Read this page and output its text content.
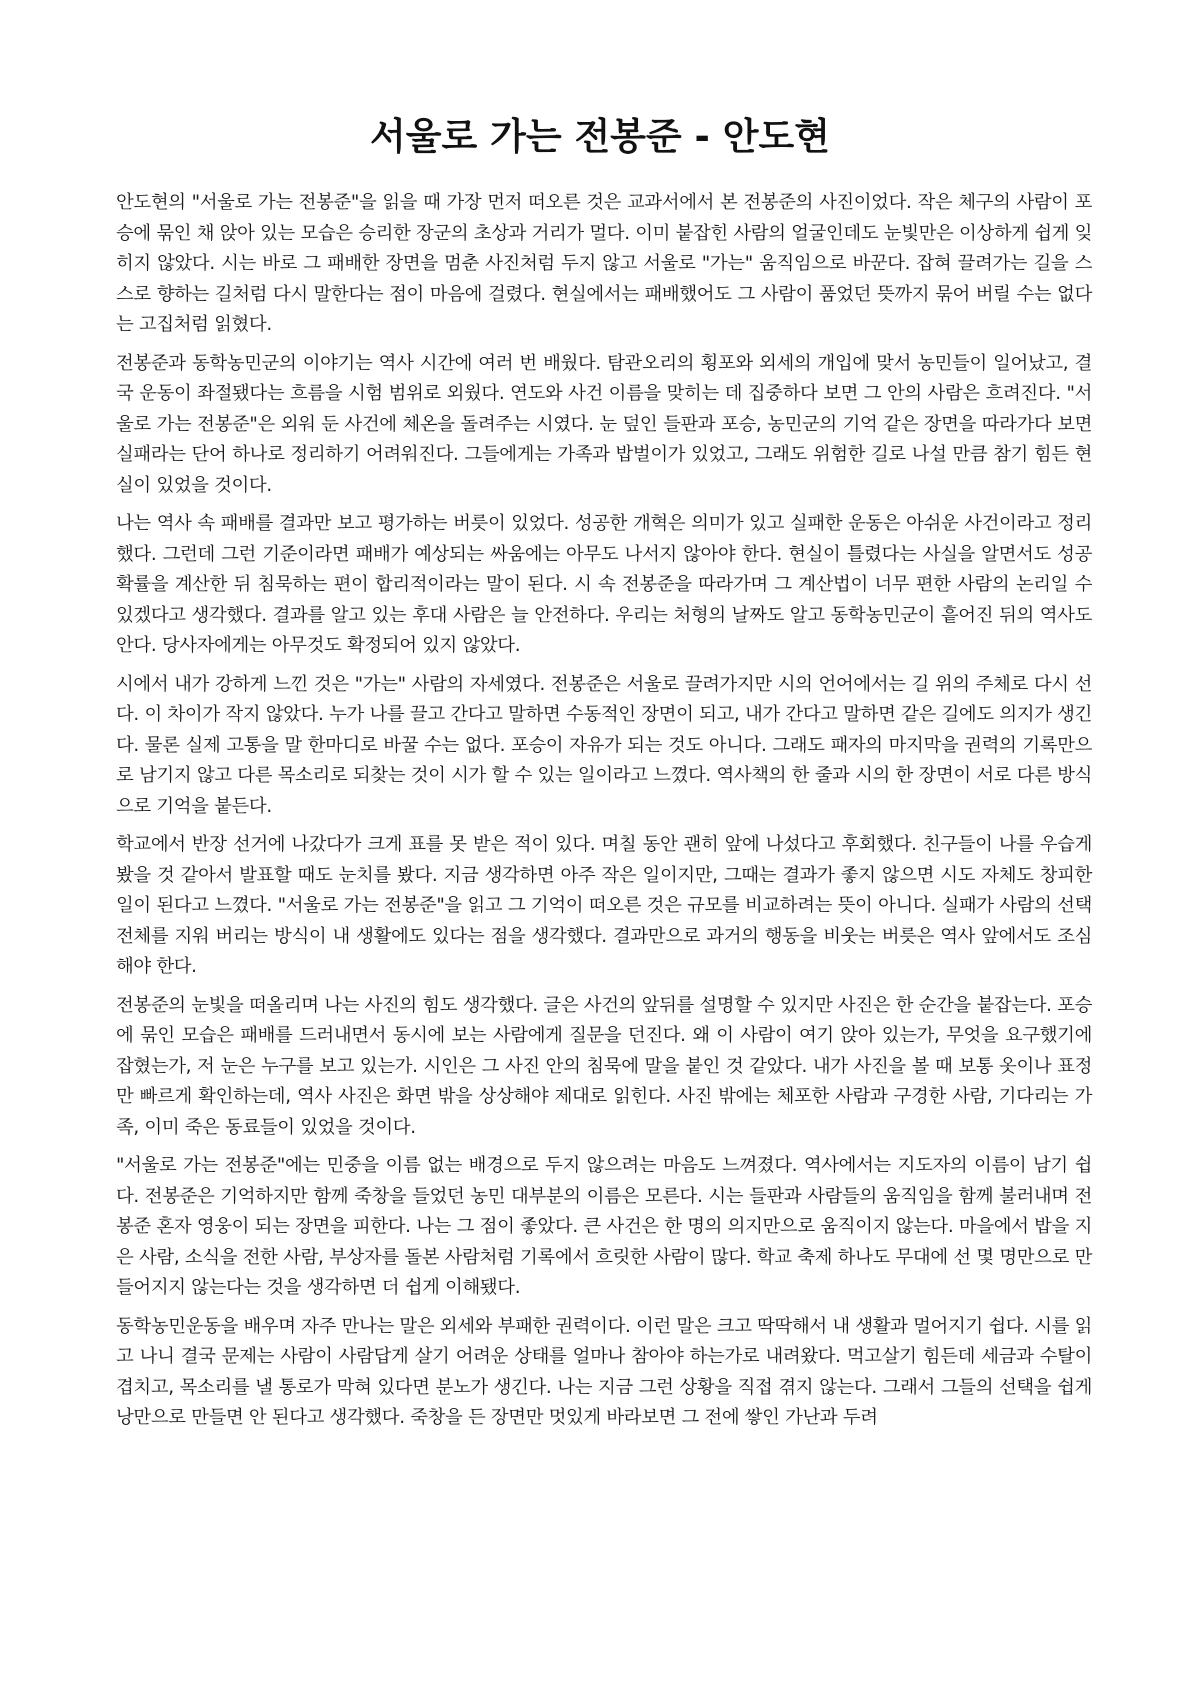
서울로 가는 전봉준 - 안도현

안도현의 "서울로 가는 전봉준"을 읽을 때 가장 먼저 떠오른 것은 교과서에서 본 전봉준의 사진이었다. 작은 체구의 사람이 포승에 묶인 채 앉아 있는 모습은 승리한 장군의 초상과 거리가 멀다. 이미 붙잡힌 사람의 얼굴인데도 눈빛만은 이상하게 쉽게 잊히지 않았다. 시는 바로 그 패배한 장면을 멈춘 사진처럼 두지 않고 서울로 "가는" 움직임으로 바꾼다. 잡혀 끌려가는 길을 스스로 향하는 길처럼 다시 말한다는 점이 마음에 걸렸다. 현실에서는 패배했어도 그 사람이 품었던 뜻까지 묶어 버릴 수는 없다는 고집처럼 읽혔다.

전봉준과 동학농민군의 이야기는 역사 시간에 여러 번 배웠다. 탐관오리의 횡포와 외세의 개입에 맞서 농민들이 일어났고, 결국 운동이 좌절됐다는 흐름을 시험 범위로 외웠다. 연도와 사건 이름을 맞히는 데 집중하다 보면 그 안의 사람은 흐려진다. "서울로 가는 전봉준"은 외워 둔 사건에 체온을 돌려주는 시였다. 눈 덮인 들판과 포승, 농민군의 기억 같은 장면을 따라가다 보면 실패라는 단어 하나로 정리하기 어려워진다. 그들에게는 가족과 밥벌이가 있었고, 그래도 위험한 길로 나설 만큼 참기 힘든 현실이 있었을 것이다.

나는 역사 속 패배를 결과만 보고 평가하는 버릇이 있었다. 성공한 개혁은 의미가 있고 실패한 운동은 아쉬운 사건이라고 정리했다. 그런데 그런 기준이라면 패배가 예상되는 싸움에는 아무도 나서지 않아야 한다. 현실이 틀렸다는 사실을 알면서도 성공 확률을 계산한 뒤 침묵하는 편이 합리적이라는 말이 된다. 시 속 전봉준을 따라가며 그 계산법이 너무 편한 사람의 논리일 수 있겠다고 생각했다. 결과를 알고 있는 후대 사람은 늘 안전하다. 우리는 처형의 날짜도 알고 동학농민군이 흩어진 뒤의 역사도 안다. 당사자에게는 아무것도 확정되어 있지 않았다.

시에서 내가 강하게 느낀 것은 "가는" 사람의 자세였다. 전봉준은 서울로 끌려가지만 시의 언어에서는 길 위의 주체로 다시 선다. 이 차이가 작지 않았다. 누가 나를 끌고 간다고 말하면 수동적인 장면이 되고, 내가 간다고 말하면 같은 길에도 의지가 생긴다. 물론 실제 고통을 말 한마디로 바꿀 수는 없다. 포승이 자유가 되는 것도 아니다. 그래도 패자의 마지막을 권력의 기록만으로 남기지 않고 다른 목소리로 되찾는 것이 시가 할 수 있는 일이라고 느꼈다. 역사책의 한 줄과 시의 한 장면이 서로 다른 방식으로 기억을 붙든다.

학교에서 반장 선거에 나갔다가 크게 표를 못 받은 적이 있다. 며칠 동안 괜히 앞에 나섰다고 후회했다. 친구들이 나를 우습게 봤을 것 같아서 발표할 때도 눈치를 봤다. 지금 생각하면 아주 작은 일이지만, 그때는 결과가 좋지 않으면 시도 자체도 창피한 일이 된다고 느꼈다. "서울로 가는 전봉준"을 읽고 그 기억이 떠오른 것은 규모를 비교하려는 뜻이 아니다. 실패가 사람의 선택 전체를 지워 버리는 방식이 내 생활에도 있다는 점을 생각했다. 결과만으로 과거의 행동을 비웃는 버릇은 역사 앞에서도 조심해야 한다.

전봉준의 눈빛을 떠올리며 나는 사진의 힘도 생각했다. 글은 사건의 앞뒤를 설명할 수 있지만 사진은 한 순간을 붙잡는다. 포승에 묶인 모습은 패배를 드러내면서 동시에 보는 사람에게 질문을 던진다. 왜 이 사람이 여기 앉아 있는가, 무엇을 요구했기에 잡혔는가, 저 눈은 누구를 보고 있는가. 시인은 그 사진 안의 침묵에 말을 붙인 것 같았다. 내가 사진을 볼 때 보통 옷이나 표정만 빠르게 확인하는데, 역사 사진은 화면 밖을 상상해야 제대로 읽힌다. 사진 밖에는 체포한 사람과 구경한 사람, 기다리는 가족, 이미 죽은 동료들이 있었을 것이다.

"서울로 가는 전봉준"에는 민중을 이름 없는 배경으로 두지 않으려는 마음도 느껴졌다. 역사에서는 지도자의 이름이 남기 쉽다. 전봉준은 기억하지만 함께 죽창을 들었던 농민 대부분의 이름은 모른다. 시는 들판과 사람들의 움직임을 함께 불러내며 전봉준 혼자 영웅이 되는 장면을 피한다. 나는 그 점이 좋았다. 큰 사건은 한 명의 의지만으로 움직이지 않는다. 마을에서 밥을 지은 사람, 소식을 전한 사람, 부상자를 돌본 사람처럼 기록에서 흐릿한 사람이 많다. 학교 축제 하나도 무대에 선 몇 명만으로 만들어지지 않는다는 것을 생각하면 더 쉽게 이해됐다.

동학농민운동을 배우며 자주 만나는 말은 외세와 부패한 권력이다. 이런 말은 크고 딱딱해서 내 생활과 멀어지기 쉽다. 시를 읽고 나니 결국 문제는 사람이 사람답게 살기 어려운 상태를 얼마나 참아야 하는가로 내려왔다. 먹고살기 힘든데 세금과 수탈이 겹치고, 목소리를 낼 통로가 막혀 있다면 분노가 생긴다. 나는 지금 그런 상황을 직접 겪지 않는다. 그래서 그들의 선택을 쉽게 낭만으로 만들면 안 된다고 생각했다. 죽창을 든 장면만 멋있게 바라보면 그 전에 쌓인 가난과 두려
